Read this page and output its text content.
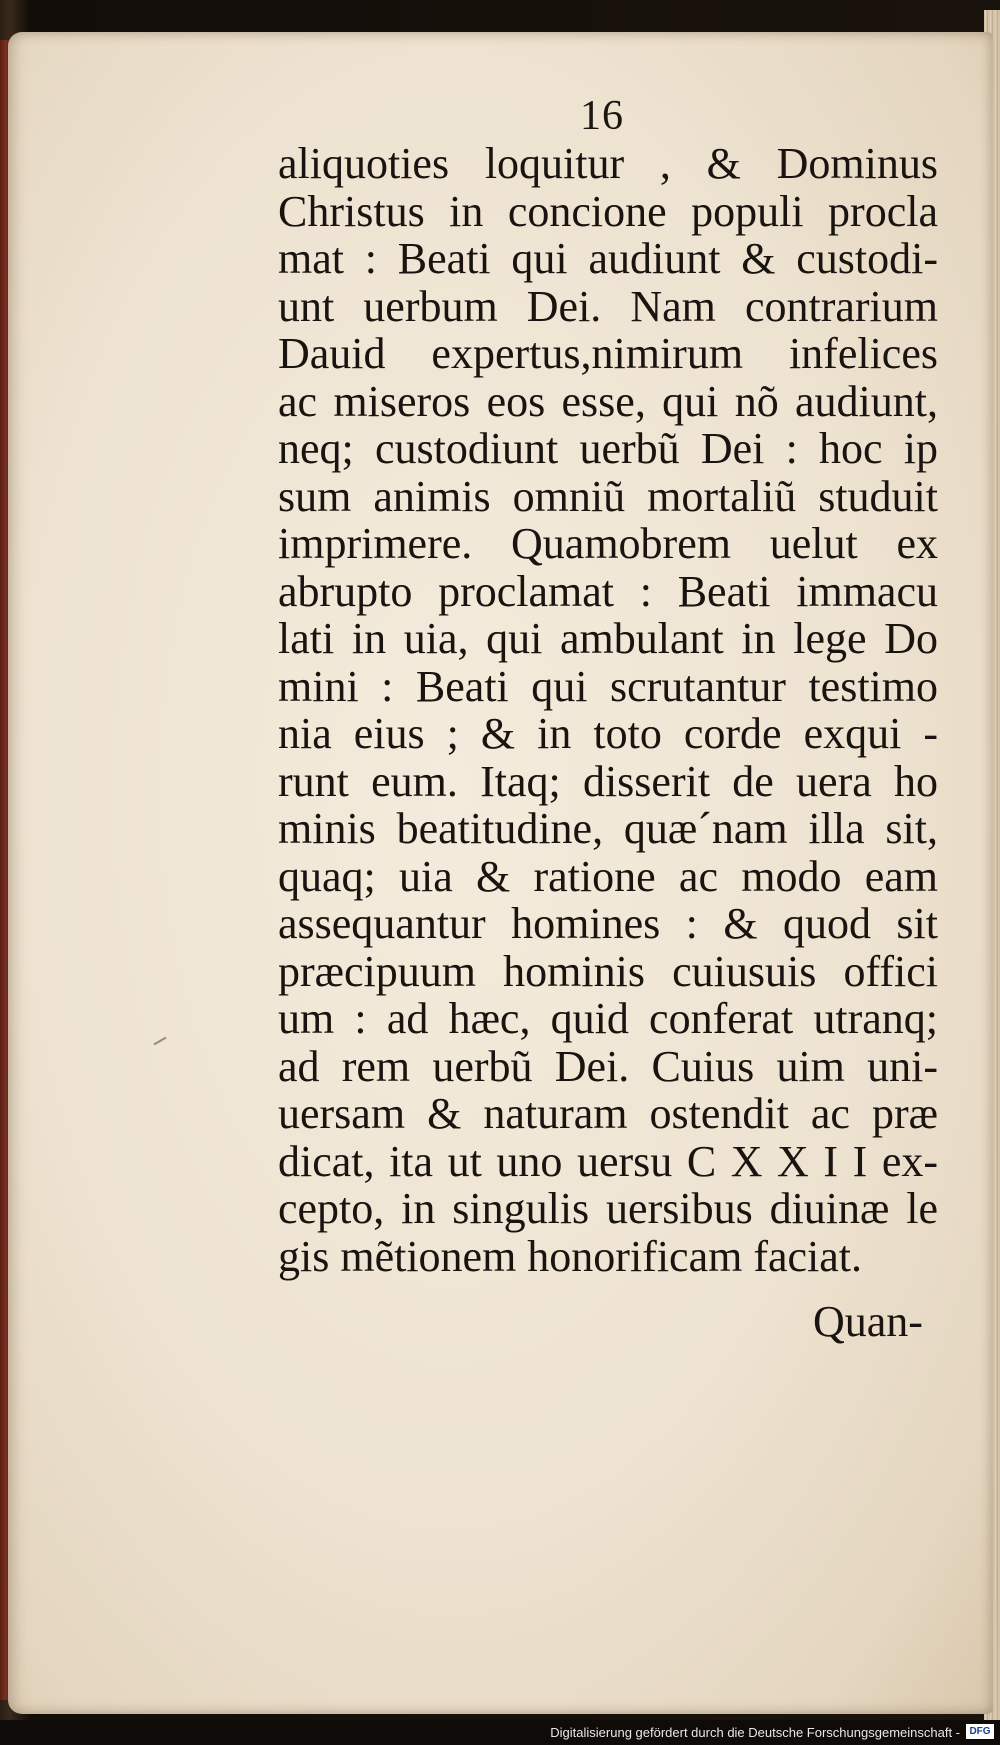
16
aliquoties loquitur , & Dominus
Christus in concione populi procla
mat : Beati qui audiunt & custodi-
unt uerbum Dei. Nam contrarium
Dauid expertus,nimirum infelices
ac miseros eos esse, qui nõ audiunt,
neq; custodiunt uerbũ Dei : hoc ip
sum animis omniũ mortaliũ studuit
imprimere. Quamobrem uelut ex
abrupto proclamat : Beati immacu
lati in uia, qui ambulant in lege Do
mini : Beati qui scrutantur testimo
nia eius ; & in toto corde exqui -
runt eum. Itaq; disserit de uera ho
minis beatitudine, quæ´nam illa sit,
quaq; uia & ratione ac modo eam
assequantur homines : & quod sit
præcipuum hominis cuiusuis offici
um : ad hæc, quid conferat utranq;
ad rem uerbũ Dei. Cuius uim uni-
uersam & naturam ostendit ac præ
dicat, ita ut uno uersu C X X I I ex-
cepto, in singulis uersibus diuinæ le
gis mẽtionem honorificam faciat.
Quan-
Digitalisierung gefördert durch die Deutsche Forschungsgemeinschaft - DFG
